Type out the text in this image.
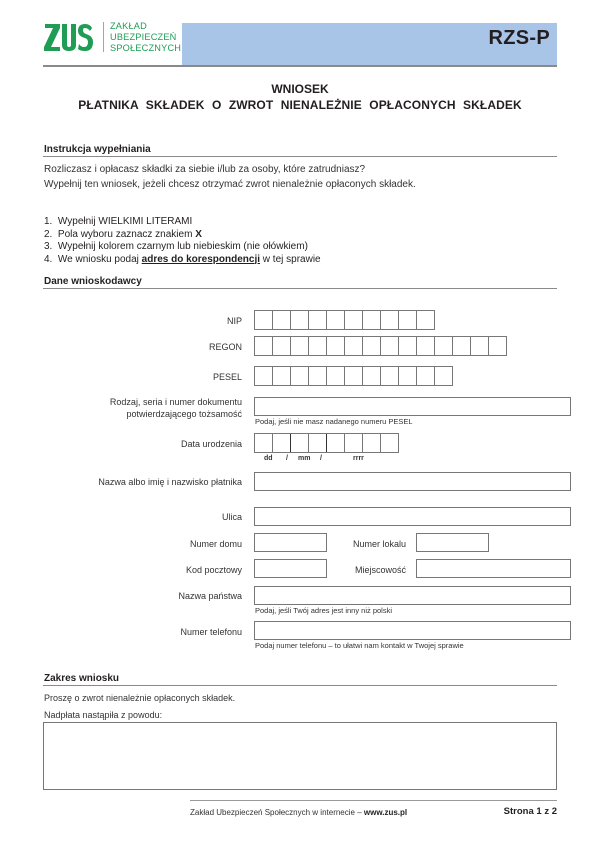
ZAKŁAD
UBEZPIECZEŃ
SPOŁECZNYCH	RZS-P
WNIOSEK
PŁATNIKA SKŁADEK O ZWROT NIENALEŻNIE OPŁACONYCH SKŁADEK
Instrukcja wypełniania
Rozliczasz i opłacasz składki za siebie i/lub za osoby, które zatrudniasz?
Wypełnij ten wniosek, jeżeli chcesz otrzymać zwrot nienależnie opłaconych składek.
1. Wypełnij WIELKIMI LITERAMI
2. Pola wyboru zaznacz znakiem X
3. Wypełnij kolorem czarnym lub niebieskim (nie ołówkiem)
4. We wniosku podaj adres do korespondencji w tej sprawie
Dane wnioskodawcy
NIP
REGON
PESEL
Rodzaj, seria i numer dokumentu
potwierdzającego tożsamość
Podaj, jeśli nie masz nadanego numeru PESEL
Data urodzenia
dd / mm /	rrrr
Nazwa albo imię i nazwisko płatnika
Ulica
Numer domu	Numer lokalu
Kod pocztowy	Miejscowość
Nazwa państwa
Podaj, jeśli Twój adres jest inny niż polski
Numer telefonu
Podaj numer telefonu – to ułatwi nam kontakt w Twojej sprawie
Zakres wniosku
Proszę o zwrot nienależnie opłaconych składek.
Nadpłata nastąpiła z powodu:
Zakład Ubezpieczeń Społecznych w internecie – www.zus.pl	Strona 1 z 2
